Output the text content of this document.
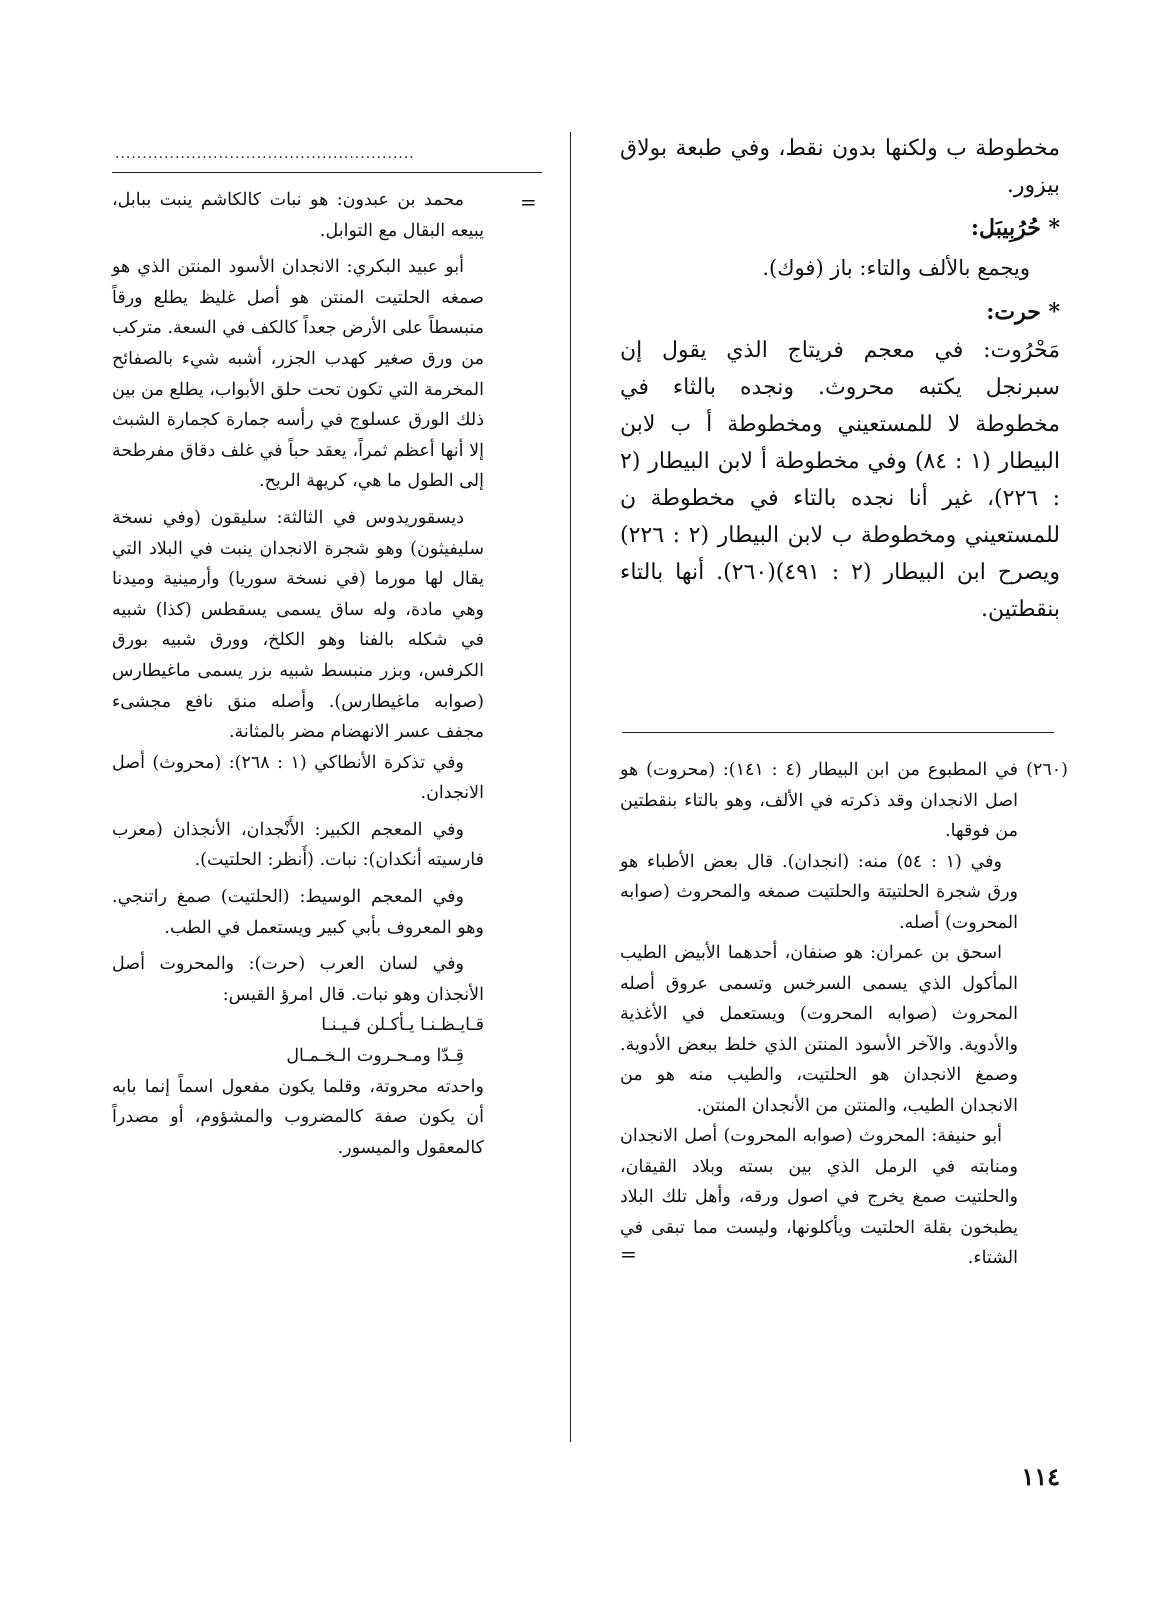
مخطوطة ب ولكنها بدون نقط، وفي طبعة بولاق بيزور.

* حُرُبِيبَل:
ويجمع بالألف والتاء: باز (فوك).
* حرت:

مَحْرُوت: في معجم فريتاج الذي يقول إن سبرنجل يكتبه محروث. ونجده بالثاء في مخطوطة لا للمستعيني ومخطوطة أ ب لابن البيطار (١ : ٨٤) وفي مخطوطة أ لابن البيطار (٢ : ٢٢٦)، غير أنا نجده بالتاء في مخطوطة ن للمستعيني ومخطوطة ب لابن البيطار (٢ : ٢٢٦) ويصرح ابن البيطار (٢ : ٤٩١)(٢٦٠). أنها بالتاء بنقطتين.

(٢٦٠)

في المطبوع من ابن البيطار (٤ : ١٤١): (محروت) هو اصل الانجدان وقد ذكرته في الألف، وهو بالتاء بنقطتين من فوقها.

وفي (١ : ٥٤) منه: (انجدان). قال بعض الأطباء هو ورق شجرة الحلتيتة والحلتيت صمغه والمحروث (صوابه المحروت) أصله.

اسحق بن عمران: هو صنفان، أحدهما الأبيض الطيب المأكول الذي يسمى السرخس وتسمى عروق أصله المحروث (صوابه المحروت) ويستعمل في الأغذية والأدوية. والآخر الأسود المنتن الذي خلط ببعض الأدوية. وصمغ الانجدان هو الحلتيت، والطيب منه هو من الانجدان الطيب، والمنتن من الأنجدان المنتن.

أبو حنيفة: المحروث (صوابه المحروت) أصل الانجدان ومنابته في الرمل الذي بين بسته وبلاد القيقان، والحلتيت صمغ يخرج في اصول ورقه، وأهل تلك البلاد يطبخون بقلة الحلتيت ويأكلونها، وليست مما تبقى في الشتاء.

=
.......................................................
=

محمد بن عبدون: هو نبات كالكاشم ينبت ببابل، يبيعه البقال مع التوابل.

أبو عبيد البكري: الانجدان الأسود المنتن الذي هو صمغه الحلتيت المنتن هو أصل غليظ يطلع ورقاً منبسطاً على الأرض جعداً كالكف في السعة. متركب من ورق صغير كهدب الجزر، أشبه شيء بالصفائح المخرمة التي تكون تحت حلق الأبواب، يطلع من بين ذلك الورق عسلوج في رأسه جمارة كجمارة الشبث إلا أنها أعظم ثمراً، يعقد حباً في غلف دقاق مفرطحة إلى الطول ما هي، كريهة الريح.

ديسقوريدوس في الثالثة: سليقون (وفي نسخة سليفيثون) وهو شجرة الانجدان ينبت في البلاد التي يقال لها مورما (في نسخة سوريا) وأرمينية وميدنا وهي مادة، وله ساق يسمى يسقطس (كذا) شبيه في شكله بالفنا وهو الكلخ، وورق شبيه بورق الكرفس، وبزر منبسط شبيه بزر يسمى ماغيطارس (صوابه ماغيطارس). وأصله منق نافع مجشىء مجفف عسر الانهضام مضر بالمثانة.

وفي تذكرة الأنطاكي (١ : ٢٦٨): (محروث) أصل الانجدان.

وفي المعجم الكبير: الأَنْجدان، الأنجذان (معرب فارسيته أنكدان): نبات. (أَنظر: الحلتيت).

وفي المعجم الوسيط: (الحلتيت) صمغ راتنجي. وهو المعروف بأبي كبير ويستعمل في الطب.

وفي لسان العرب (حرت): والمحروت أصل الأنجذان وهو نبات. قال امرؤ القيس:

قـايـظـنـا يـأكـلن فـيـنـا

قِـدّا ومـحـروت الـخـمـال

واحدته محروتة، وقلما يكون مفعول اسماً إنما بابه أن يكون صفة كالمضروب والمشؤوم، أو مصدراً كالمعقول والميسور.

١١٤
